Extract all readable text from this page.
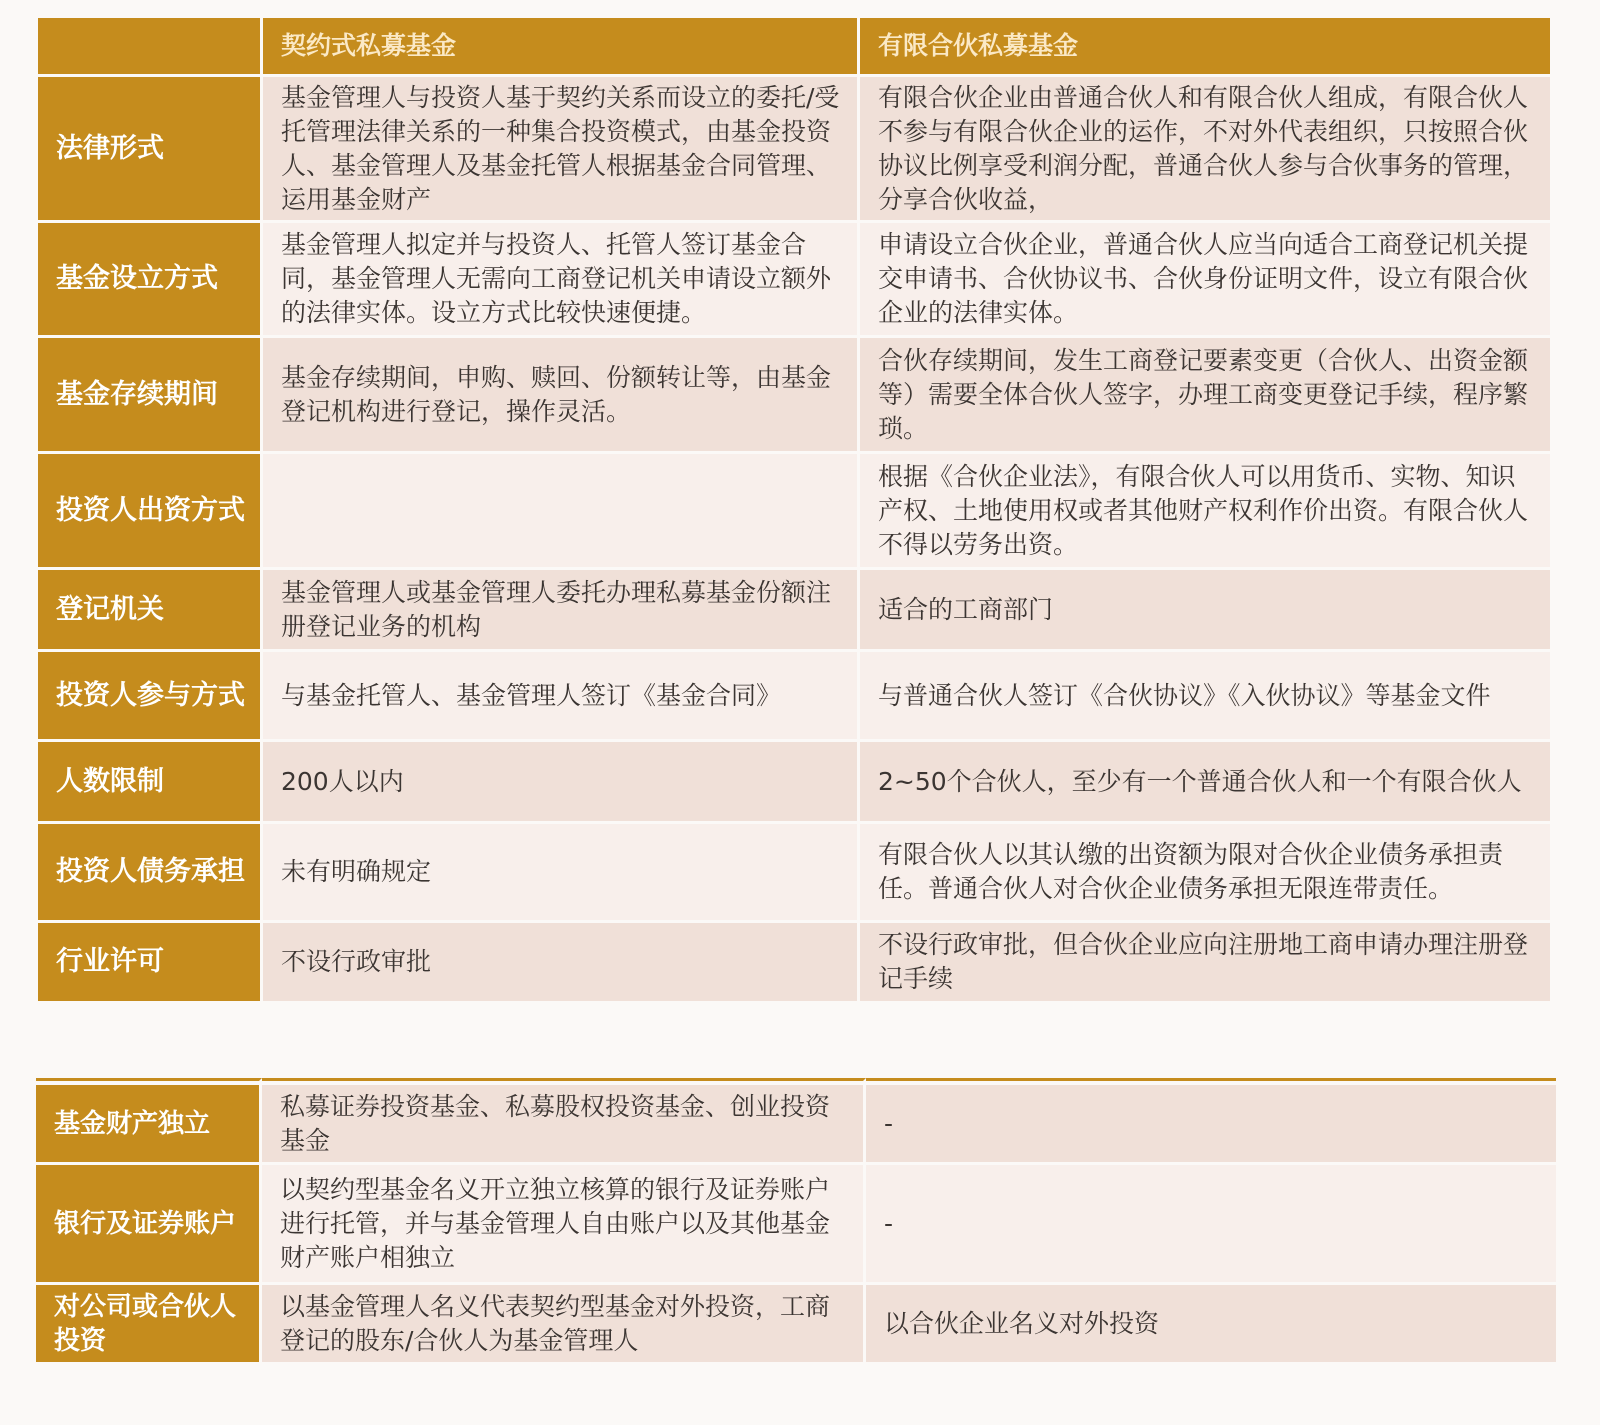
	契约式私募基金	有限合伙私募基金
法律形式	基金管理人与投资人基于契约关系而设立的委托/受托管理法律关系的一种集合投资模式，由基金投资人、基金管理人及基金托管人根据基金合同管理、运用基金财产	有限合伙企业由普通合伙人和有限合伙人组成，有限合伙人不参与有限合伙企业的运作，不对外代表组织，只按照合伙协议比例享受利润分配，普通合伙人参与合伙事务的管理，分享合伙收益，
基金设立方式	基金管理人拟定并与投资人、托管人签订基金合同，基金管理人无需向工商登记机关申请设立额外的法律实体。设立方式比较快速便捷。	申请设立合伙企业，普通合伙人应当向适合工商登记机关提交申请书、合伙协议书、合伙身份证明文件，设立有限合伙企业的法律实体。
基金存续期间	基金存续期间，申购、赎回、份额转让等，由基金登记机构进行登记，操作灵活。	合伙存续期间，发生工商登记要素变更（合伙人、出资金额等）需要全体合伙人签字，办理工商变更登记手续，程序繁琐。
投资人出资方式		根据《合伙企业法》，有限合伙人可以用货币、实物、知识产权、土地使用权或者其他财产权利作价出资。有限合伙人不得以劳务出资。
登记机关	基金管理人或基金管理人委托办理私募基金份额注册登记业务的机构	适合的工商部门
投资人参与方式	与基金托管人、基金管理人签订《基金合同》	与普通合伙人签订《合伙协议》《入伙协议》等基金文件
人数限制	200人以内	2~50个合伙人，至少有一个普通合伙人和一个有限合伙人
投资人债务承担	未有明确规定	有限合伙人以其认缴的出资额为限对合伙企业债务承担责任。普通合伙人对合伙企业债务承担无限连带责任。
行业许可	不设行政审批	不设行政审批，但合伙企业应向注册地工商申请办理注册登记手续

基金财产独立	私募证券投资基金、私募股权投资基金、创业投资基金	-
银行及证券账户	以契约型基金名义开立独立核算的银行及证券账户进行托管，并与基金管理人自由账户以及其他基金财产账户相独立	-
对公司或合伙人投资	以基金管理人名义代表契约型基金对外投资，工商登记的股东/合伙人为基金管理人	以合伙企业名义对外投资
